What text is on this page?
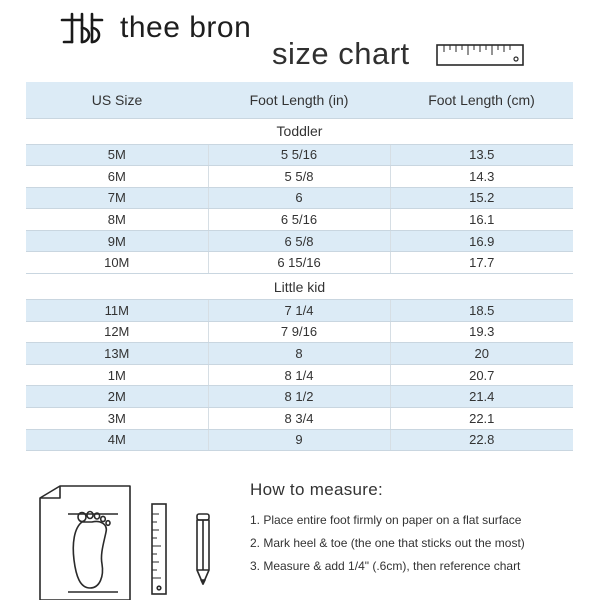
thee bron
size chart
US Size	Foot Length (in)	Foot Length (cm)
Toddler		
5M	5 5/16	13.5
6M	5 5/8	14.3
7M	6	15.2
8M	6 5/16	16.1
9M	6 5/8	16.9
10M	6 15/16	17.7
Little kid		
11M	7 1/4	18.5
12M	7 9/16	19.3
13M	8	20
1M	8 1/4	20.7
2M	8 1/2	21.4
3M	8 3/4	22.1
4M	9	22.8
How to measure:
1. Place entire foot firmly on paper on a flat surface
2. Mark heel & toe (the one that sticks out the most)
3. Measure & add 1/4" (.6cm), then reference chart
